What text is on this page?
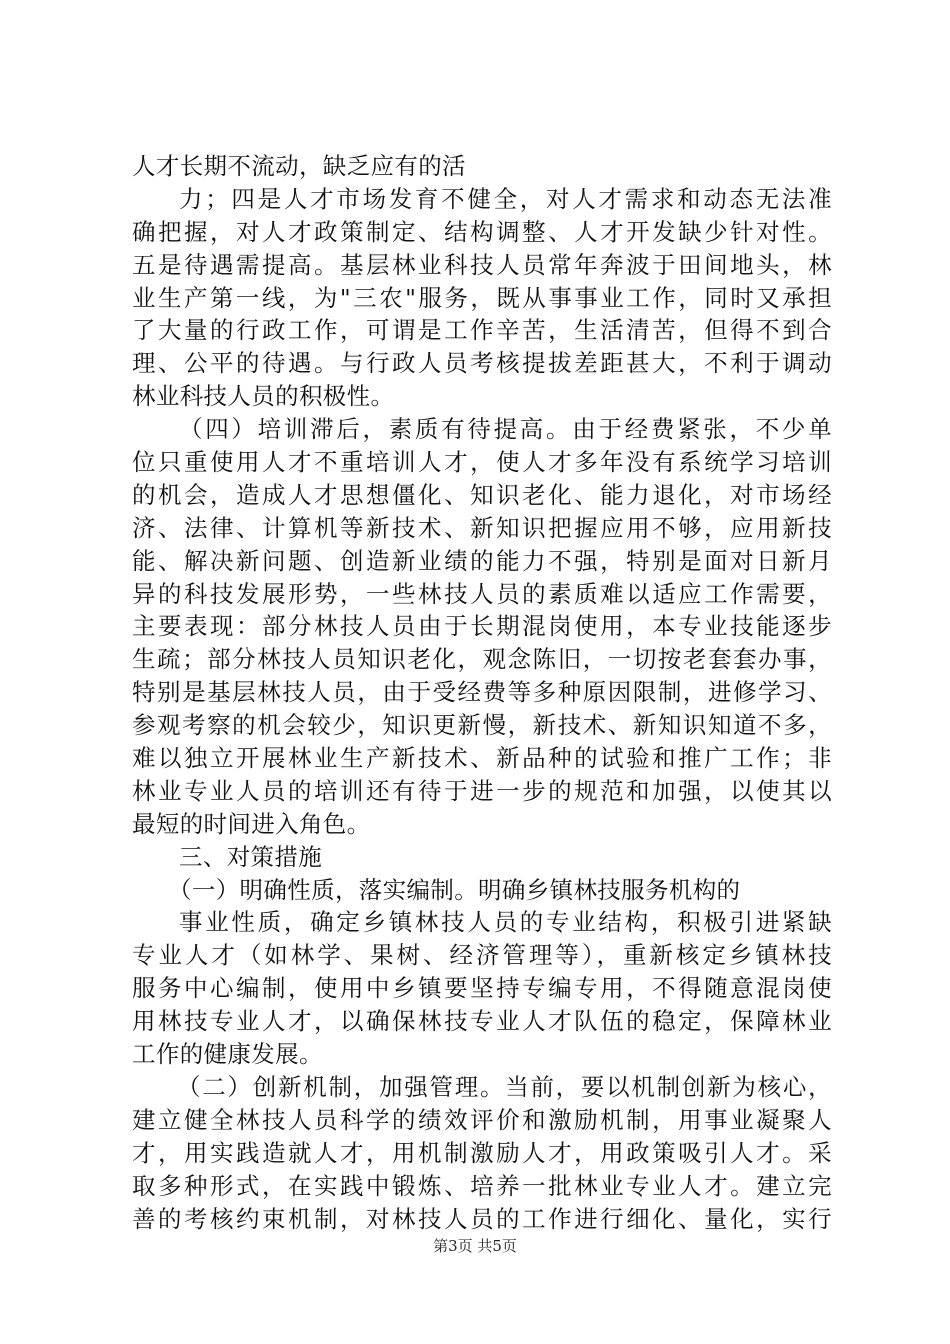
人才长期不流动，缺乏应有的活
力；四是人才市场发育不健全，对人才需求和动态无法准
确把握，对人才政策制定、结构调整、人才开发缺少针对性。
五是待遇需提高。基层林业科技人员常年奔波于田间地头，林
业生产第一线，为"三农"服务，既从事事业工作，同时又承担
了大量的行政工作，可谓是工作辛苦，生活清苦，但得不到合
理、公平的待遇。与行政人员考核提拔差距甚大，不利于调动
林业科技人员的积极性。
（四）培训滞后，素质有待提高。由于经费紧张，不少单
位只重使用人才不重培训人才，使人才多年没有系统学习培训
的机会，造成人才思想僵化、知识老化、能力退化，对市场经
济、法律、计算机等新技术、新知识把握应用不够，应用新技
能、解决新问题、创造新业绩的能力不强，特别是面对日新月
异的科技发展形势，一些林技人员的素质难以适应工作需要，
主要表现：部分林技人员由于长期混岗使用，本专业技能逐步
生疏；部分林技人员知识老化，观念陈旧，一切按老套套办事，
特别是基层林技人员，由于受经费等多种原因限制，进修学习、
参观考察的机会较少，知识更新慢，新技术、新知识知道不多，
难以独立开展林业生产新技术、新品种的试验和推广工作；非
林业专业人员的培训还有待于进一步的规范和加强，以使其以
最短的时间进入角色。
三、对策措施
（一）明确性质，落实编制。明确乡镇林技服务机构的
事业性质，确定乡镇林技人员的专业结构，积极引进紧缺
专业人才（如林学、果树、经济管理等），重新核定乡镇林技
服务中心编制，使用中乡镇要坚持专编专用，不得随意混岗使
用林技专业人才，以确保林技专业人才队伍的稳定，保障林业
工作的健康发展。
（二）创新机制，加强管理。当前，要以机制创新为核心，
建立健全林技人员科学的绩效评价和激励机制，用事业凝聚人
才，用实践造就人才，用机制激励人才，用政策吸引人才。采
取多种形式，在实践中锻炼、培养一批林业专业人才。建立完
善的考核约束机制，对林技人员的工作进行细化、量化，实行
第3页 共5页
